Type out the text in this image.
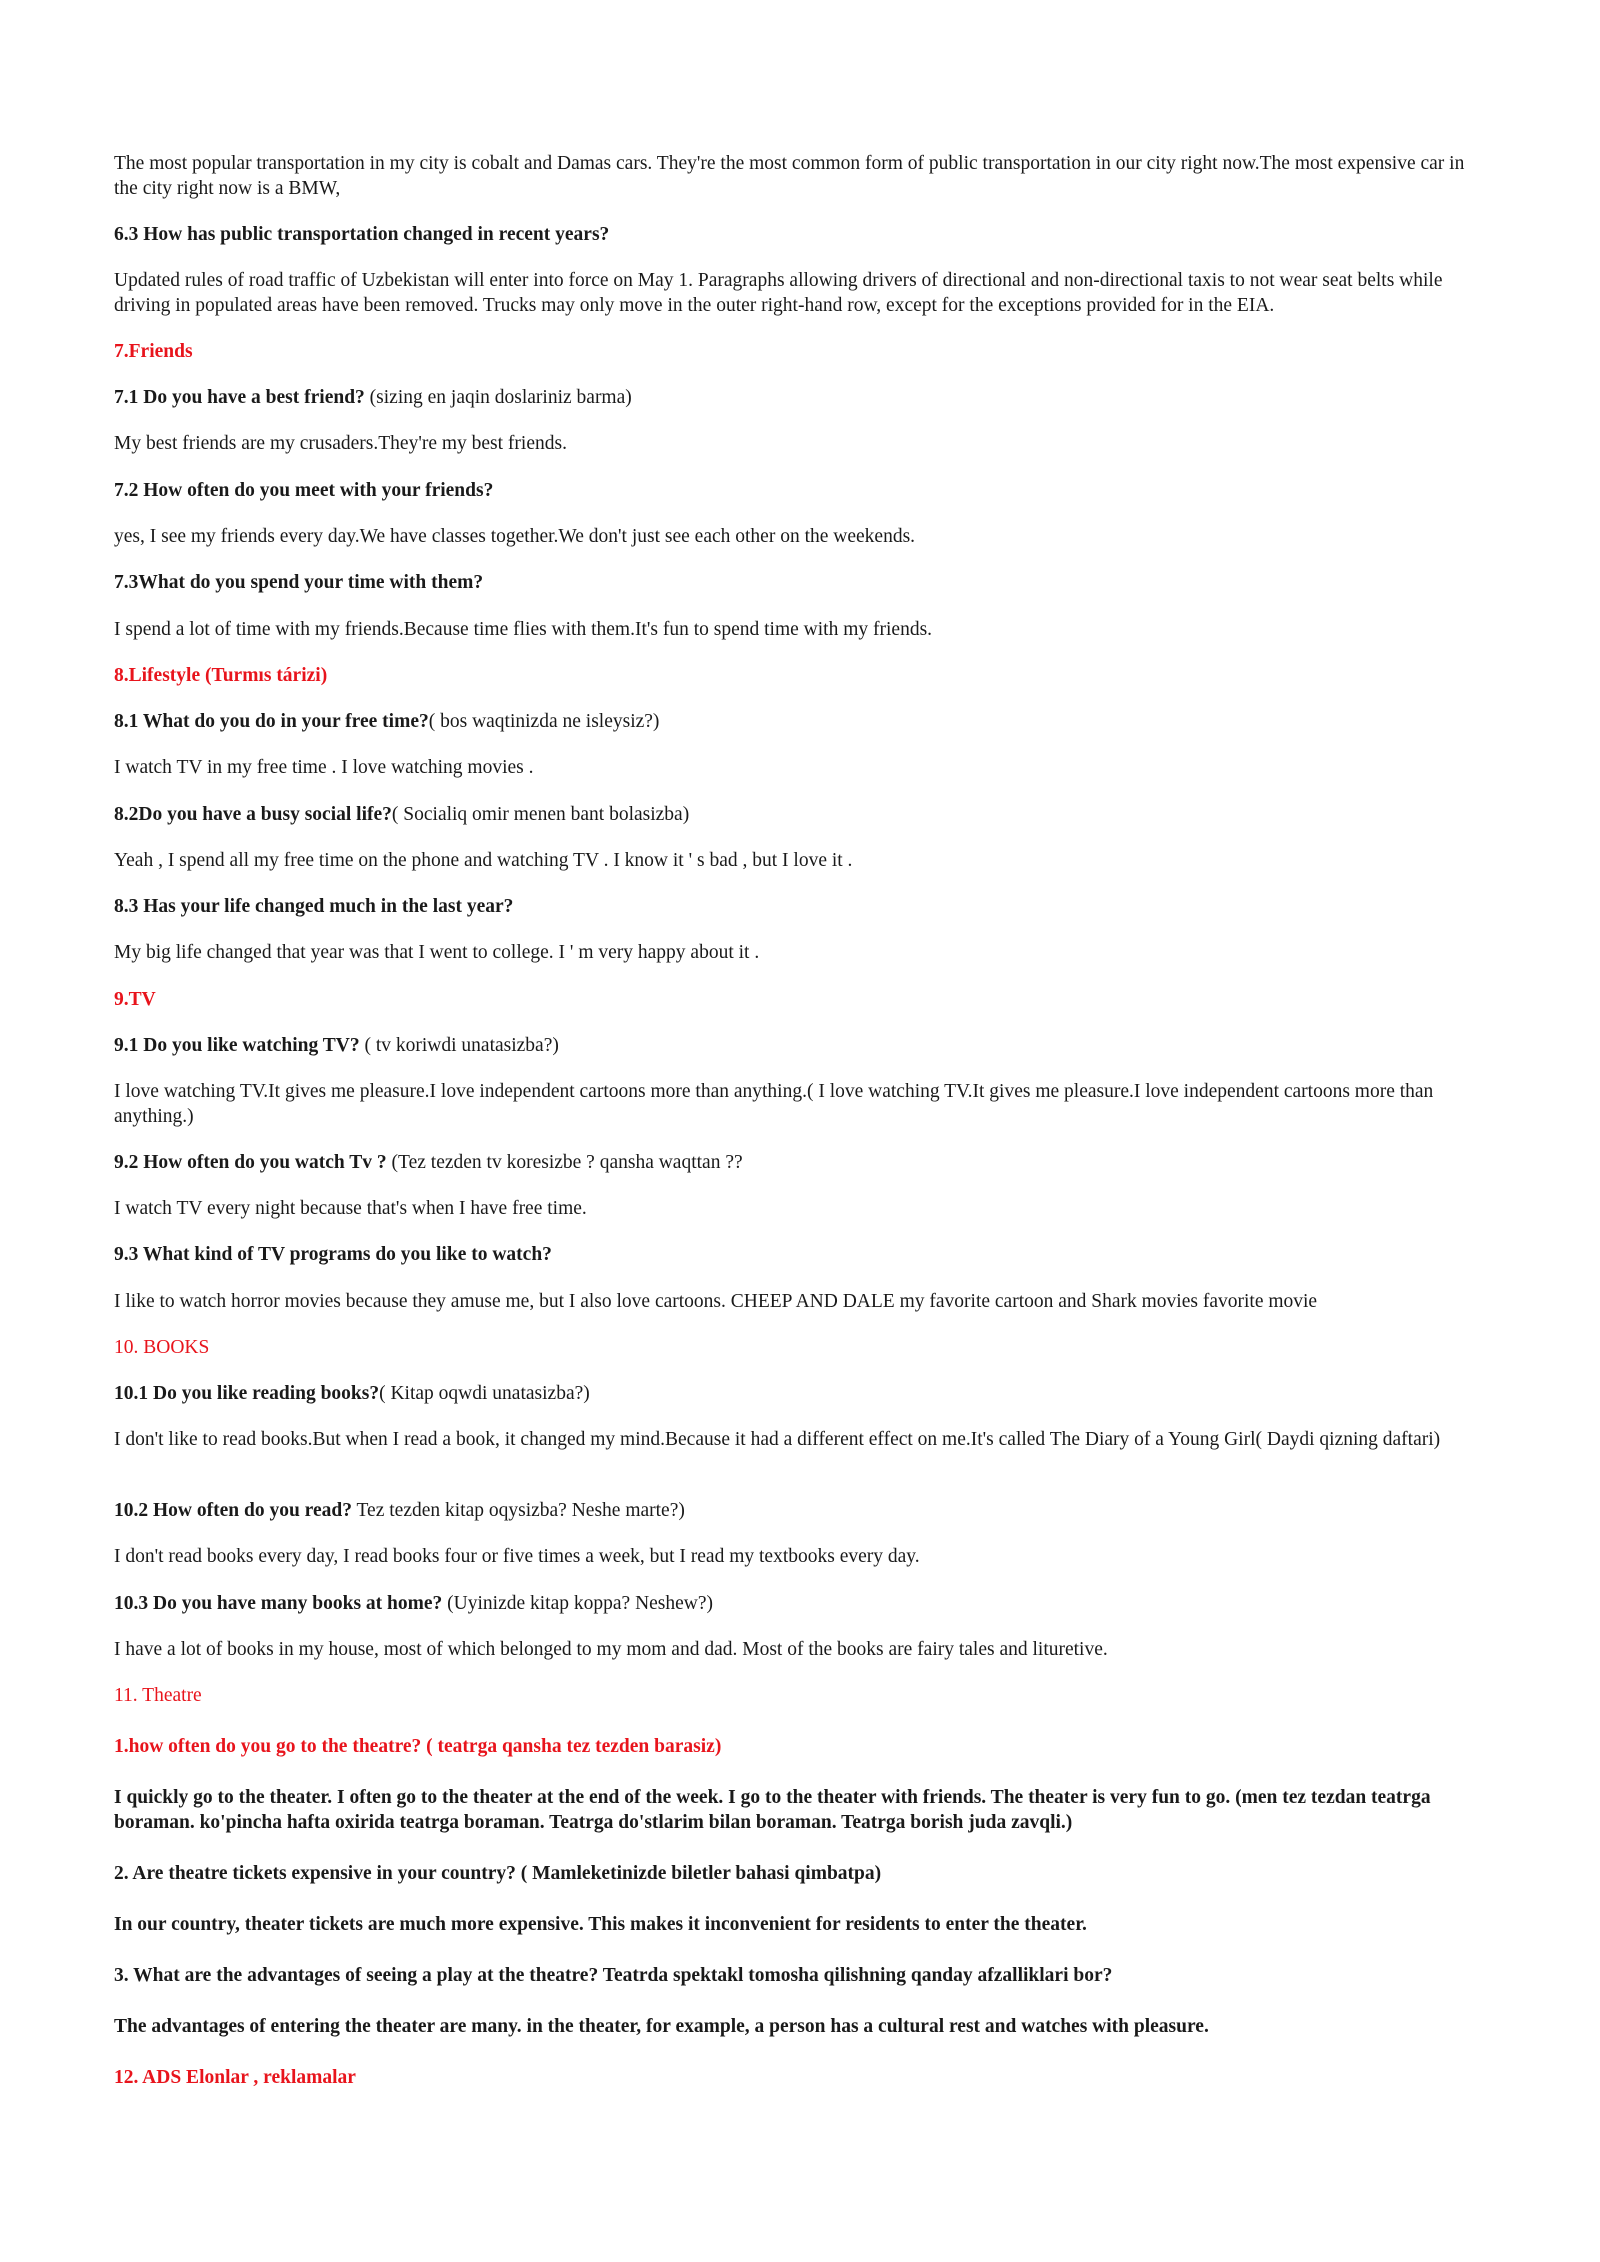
The most popular transportation in my city is cobalt and Damas cars. They're the most common form of public transportation in our city right now.The most expensive car in the city right now is a BMW,

6.3 How has public transportation changed in recent years?

Updated rules of road traffic of Uzbekistan will enter into force on May 1. Paragraphs allowing drivers of directional and non-directional taxis to not wear seat belts while driving in populated areas have been removed. Trucks may only move in the outer right-hand row, except for the exceptions provided for in the EIA.

7.Friends

7.1 Do you have a best friend? (sizing en jaqin doslariniz barma)

My best friends are my crusaders.They're my best friends.

7.2 How often do you meet with your friends?

yes, I see my friends every day.We have classes together.We don't just see each other on the weekends.

7.3What do you spend your time with them?

I spend a lot of time with my friends.Because time flies with them.It's fun to spend time with my friends.

8.Lifestyle (Turmıs tárizi)

8.1 What do you do in your free time?( bos waqtinizda ne isleysiz?)

I watch TV in my free time . I love watching movies .

8.2Do you have a busy social life?( Socialiq omir menen bant bolasizba)

Yeah , I spend all my free time on the phone and watching TV . I know it ' s bad , but I love it .

8.3 Has your life changed much in the last year?

My big life changed that year was that I went to college. I ' m very happy about it .

9.TV

9.1 Do you like watching TV? ( tv koriwdi unatasizba?)

I love watching TV.It gives me pleasure.I love independent cartoons more than anything.( I love watching TV.It gives me pleasure.I love independent cartoons more than anything.)

9.2 How often do you watch Tv ? (Tez tezden tv koresizbe ? qansha waqttan ??

I watch TV every night because that's when I have free time.

9.3 What kind of TV programs do you like to watch?

I like to watch horror movies because they amuse me, but I also love cartoons. CHEEP AND DALE my favorite cartoon and Shark movies favorite movie

10. BOOKS

10.1 Do you like reading books?( Kitap oqwdi unatasizba?)

I don't like to read books.But when I read a book, it changed my mind.Because it had a different effect on me.It's called The Diary of a Young Girl( Daydi qizning daftari)

10.2 How often do you read? Tez tezden kitap oqysizba? Neshe marte?)

I don't read books every day, I read books four or five times a week, but I read my textbooks every day.

10.3 Do you have many books at home? (Uyinizde kitap koppa? Neshew?)

I have a lot of books in my house, most of which belonged to my mom and dad. Most of the books are fairy tales and lituretive.

11. Theatre

1.how often do you go to the theatre? ( teatrga qansha tez tezden barasiz)

I quickly go to the theater. I often go to the theater at the end of the week. I go to the theater with friends. The theater is very fun to go. (men tez tezdan teatrga boraman. ko'pincha hafta oxirida teatrga boraman. Teatrga do'stlarim bilan boraman. Teatrga borish juda zavqli.)

2. Are theatre tickets expensive in your country? ( Mamleketinizde biletler bahasi qimbatpa)

In our country, theater tickets are much more expensive. This makes it inconvenient for residents to enter the theater.

3. What are the advantages of seeing a play at the theatre? Teatrda spektakl tomosha qilishning qanday afzalliklari bor?

The advantages of entering the theater are many. in the theater, for example, a person has a cultural rest and watches with pleasure.

12. ADS Elonlar , reklamalar
